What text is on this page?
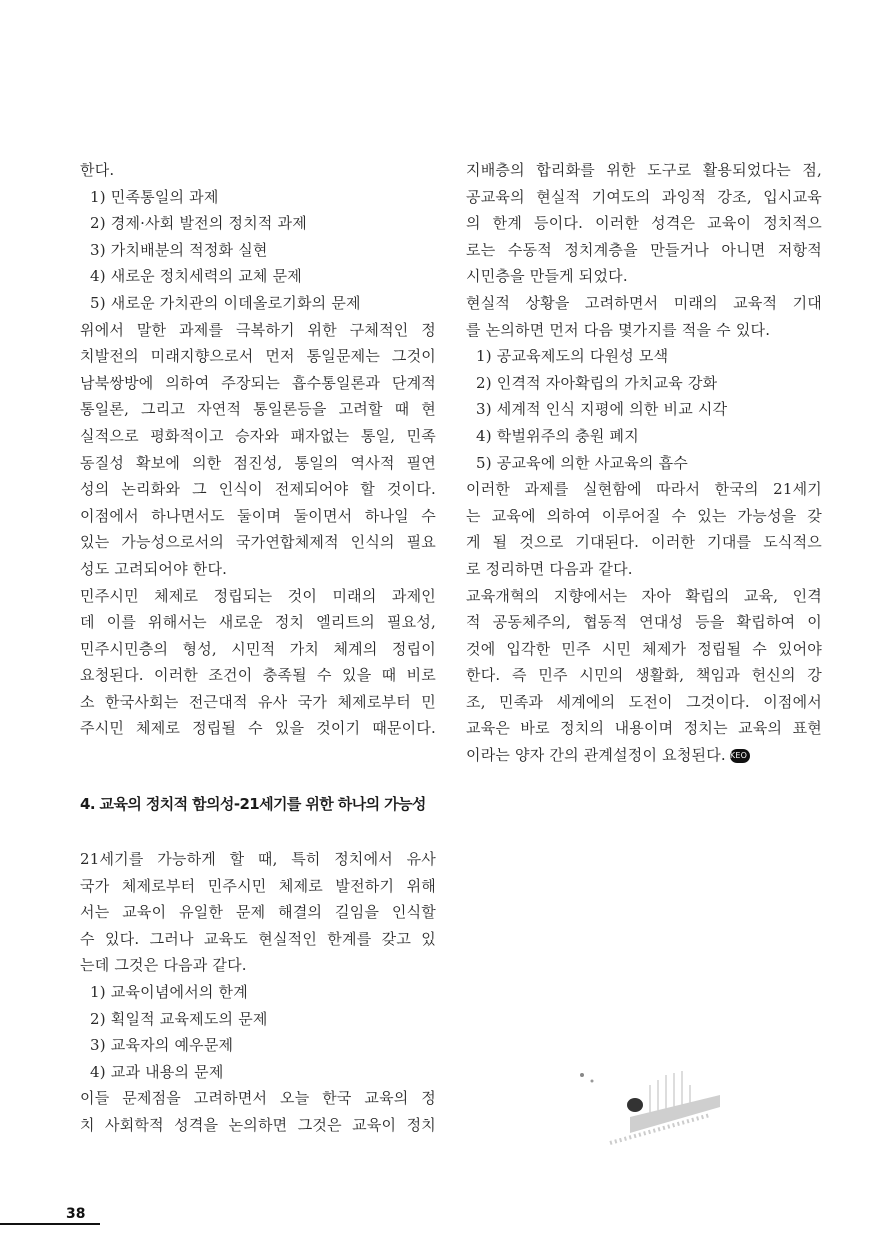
한다.
1) 민족통일의 과제
2) 경제·사회 발전의 정치적 과제
3) 가치배분의 적정화 실현
4) 새로운 정치세력의 교체 문제
5) 새로운 가치관의 이데올로기화의 문제
위에서 말한 과제를 극복하기 위한 구체적인 정
치발전의 미래지향으로서 먼저 통일문제는 그것이
남북쌍방에 의하여 주장되는 흡수통일론과 단계적
통일론, 그리고 자연적 통일론등을 고려할 때 현
실적으로 평화적이고 승자와 패자없는 통일, 민족
동질성 확보에 의한 점진성, 통일의 역사적 필연
성의 논리화와 그 인식이 전제되어야 할 것이다.
이점에서 하나면서도 둘이며 둘이면서 하나일 수
있는 가능성으로서의 국가연합체제적 인식의 필요
성도 고려되어야 한다.
민주시민 체제로 정립되는 것이 미래의 과제인
데 이를 위해서는 새로운 정치 엘리트의 필요성,
민주시민층의 형성, 시민적 가치 체계의 정립이
요청된다. 이러한 조건이 충족될 수 있을 때 비로
소 한국사회는 전근대적 유사 국가 체제로부터 민
주시민 체제로 정립될 수 있을 것이기 때문이다.
4. 교육의 정치적 함의성-21세기를 위한 하나의 가능성
21세기를 가능하게 할 때, 특히 정치에서 유사
국가 체제로부터 민주시민 체제로 발전하기 위해
서는 교육이 유일한 문제 해결의 길임을 인식할
수 있다. 그러나 교육도 현실적인 한계를 갖고 있
는데 그것은 다음과 같다.
1) 교육이념에서의 한계
2) 획일적 교육제도의 문제
3) 교육자의 예우문제
4) 교과 내용의 문제
이들 문제점을 고려하면서 오늘 한국 교육의 정
치 사회학적 성격을 논의하면 그것은 교육이 정치
지배층의 합리화를 위한 도구로 활용되었다는 점,
공교육의 현실적 기여도의 과잉적 강조, 입시교육
의 한계 등이다. 이러한 성격은 교육이 정치적으
로는 수동적 정치계층을 만들거나 아니면 저항적
시민층을 만들게 되었다.
현실적 상황을 고려하면서 미래의 교육적 기대
를 논의하면 먼저 다음 몇가지를 적을 수 있다.
1) 공교육제도의 다원성 모색
2) 인격적 자아확립의 가치교육 강화
3) 세계적 인식 지평에 의한 비교 시각
4) 학벌위주의 충원 폐지
5) 공교육에 의한 사교육의 흡수
이러한 과제를 실현함에 따라서 한국의 21세기
는 교육에 의하여 이루어질 수 있는 가능성을 갖
게 될 것으로 기대된다. 이러한 기대를 도식적으
로 정리하면 다음과 같다.
교육개혁의 지향에서는 자아 확립의 교육, 인격
적 공동체주의, 협동적 연대성 등을 확립하여 이
것에 입각한 민주 시민 체제가 정립될 수 있어야
한다. 즉 민주 시민의 생활화, 책임과 헌신의 강
조, 민족과 세계에의 도전이 그것이다. 이점에서
교육은 바로 정치의 내용이며 정치는 교육의 표현
이라는 양자 간의 관계설정이 요청된다. KEO
38
